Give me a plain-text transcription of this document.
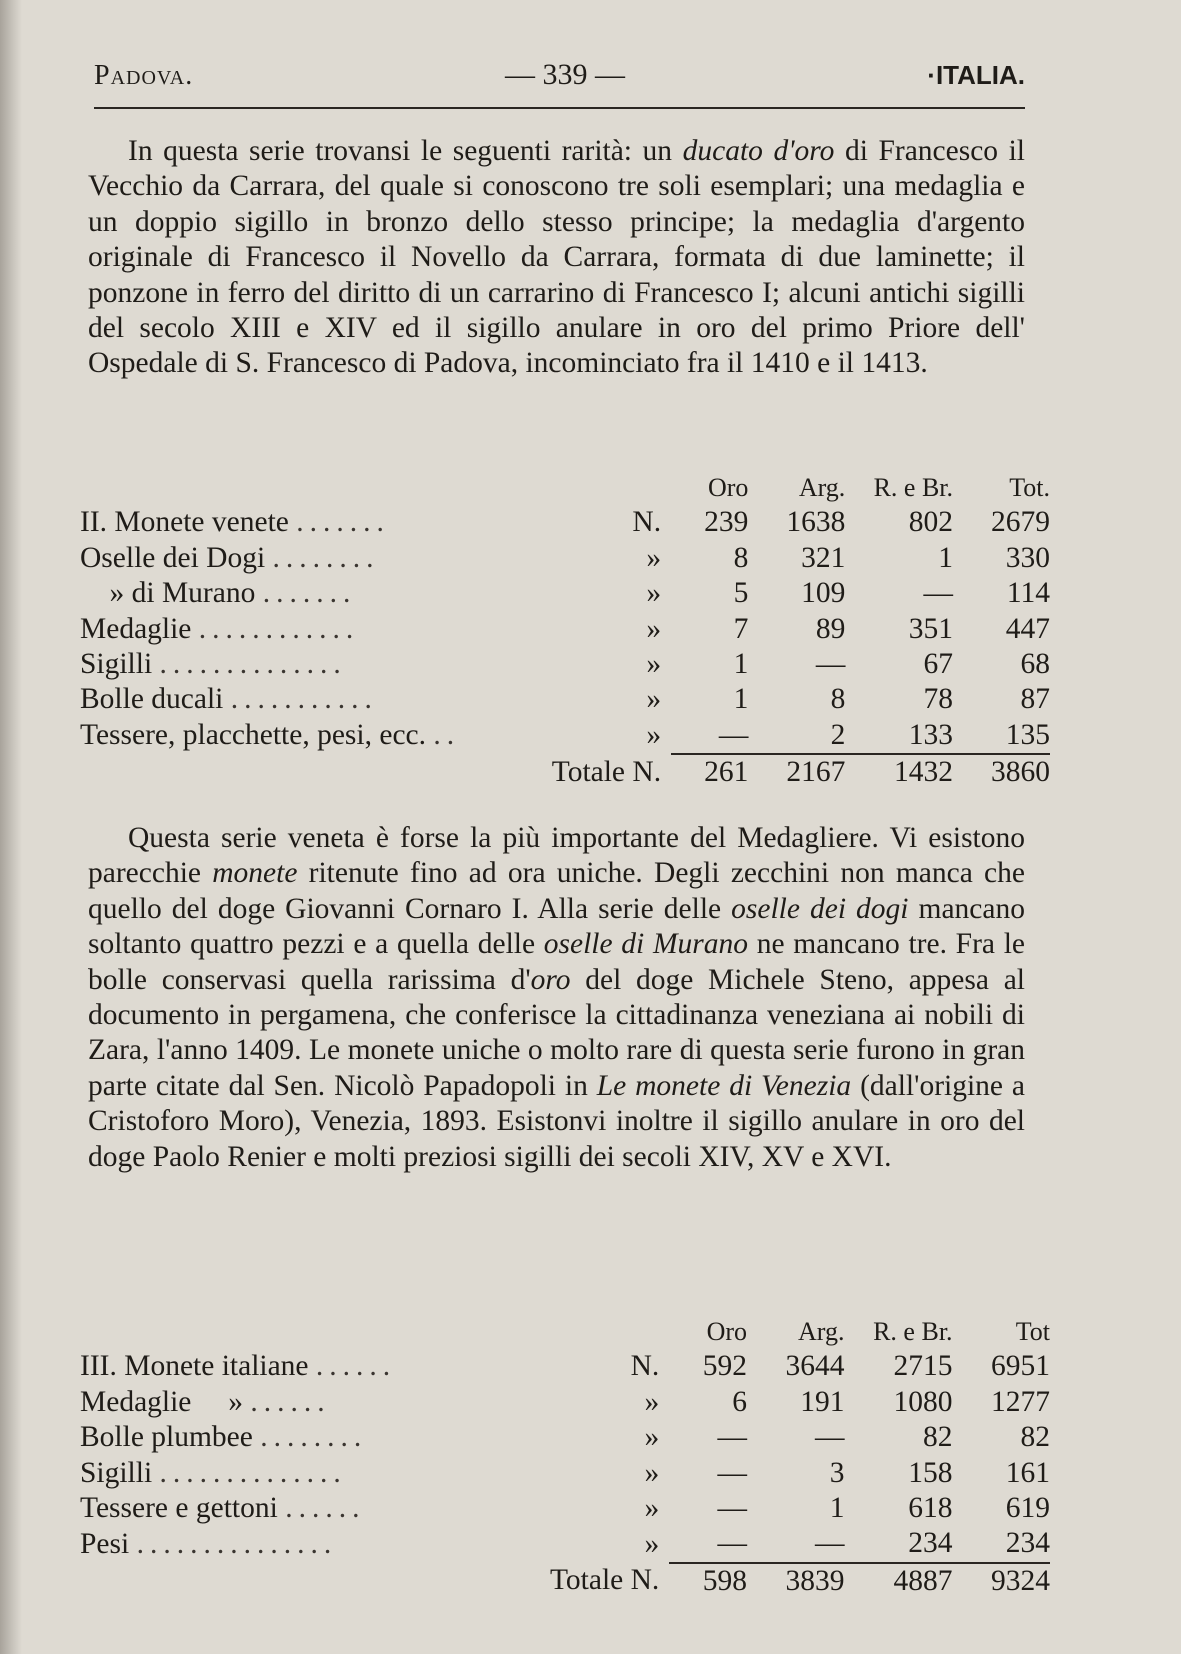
Padova.	— 339 —	·ITALIA.

In questa serie trovansi le seguenti rarità: un ducato d'oro di Francesco il Vecchio da Carrara, del quale si conoscono tre soli esemplari; una medaglia e un doppio sigillo in bronzo dello stesso principe; la medaglia d'argento originale di Francesco il Novello da Carrara, formata di due laminette; il ponzone in ferro del diritto di un carrarino di Francesco I; alcuni antichi sigilli del secolo XIII e XIV ed il sigillo anulare in oro del primo Priore dell' Ospedale di S. Francesco di Padova, incominciato fra il 1410 e il 1413.

		Oro	Arg.	R. e Br.	Tot.
II. Monete venete .......	N.	239	1638	802	2679
Oselle dei Dogi ........	»	8	321	1	330
» di Murano .......	»	5	109	—	114
Medaglie ............	»	7	89	351	447
Sigilli ..............	»	1	—	67	68
Bolle ducali ...........	»	1	8	78	87
Tessere, placchette, pesi, ecc. ..	»	—	2	133	135
Totale N.		261	2167	1432	3860

Questa serie veneta è forse la più importante del Medagliere. Vi esistono parecchie monete ritenute fino ad ora uniche. Degli zecchini non manca che quello del doge Giovanni Cornaro I. Alla serie delle oselle dei dogi mancano soltanto quattro pezzi e a quella delle oselle di Murano ne mancano tre. Fra le bolle conservasi quella rarissima d'oro del doge Michele Steno, appesa al documento in pergamena, che conferisce la cittadinanza veneziana ai nobili di Zara, l'anno 1409. Le monete uniche o molto rare di questa serie furono in gran parte citate dal Sen. Nicolò Papadopoli in Le monete di Venezia (dall'origine a Cristoforo Moro), Venezia, 1893. Esistonvi inoltre il sigillo anulare in oro del doge Paolo Renier e molti preziosi sigilli dei secoli XIV, XV e XVI.

		Oro	Arg.	R. e Br.	Tot
III. Monete italiane ......	N.	592	3644	2715	6951
Medaglie     » ......	»	6	191	1080	1277
Bolle plumbee ........	»	—	—	82	82
Sigilli ..............	»	—	3	158	161
Tessere e gettoni ......	»	—	1	618	619
Pesi ...............	»	—	—	234	234
Totale N.		598	3839	4887	9324
